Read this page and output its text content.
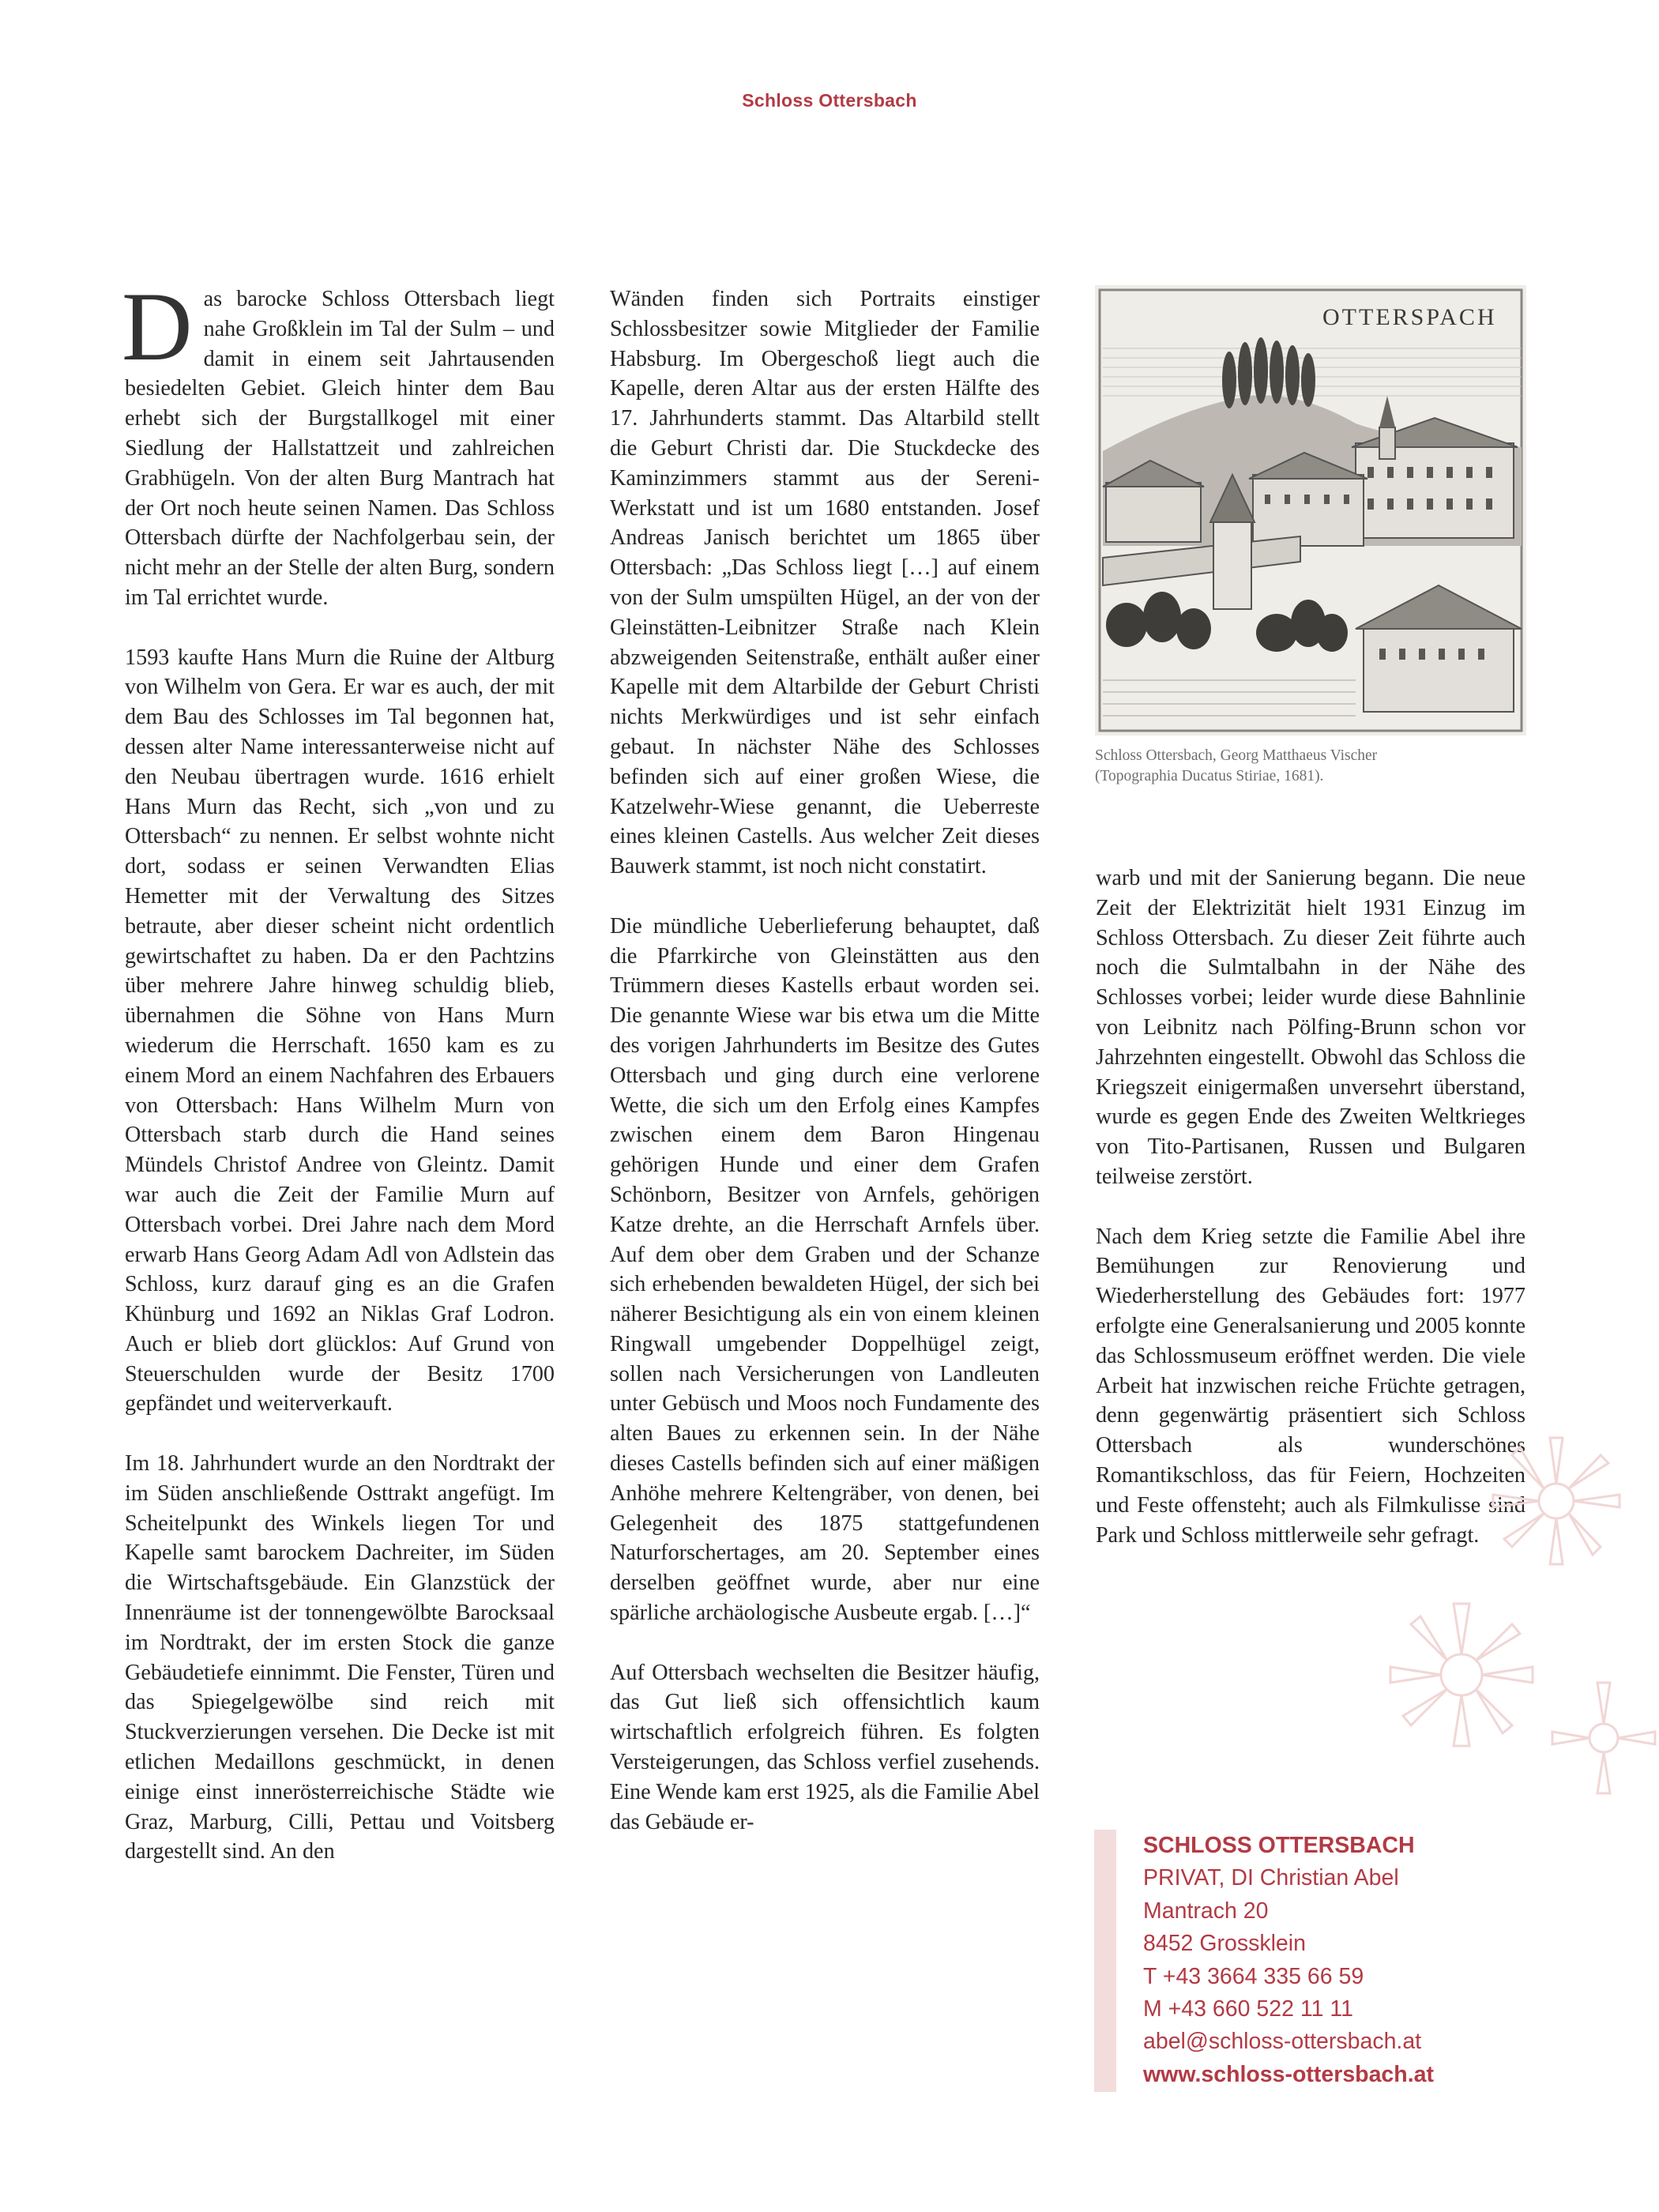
Schloss Ottersbach

Das barocke Schloss Ottersbach liegt nahe Großklein im Tal der Sulm – und damit in einem seit Jahrtausenden besiedelten Gebiet. Gleich hinter dem Bau erhebt sich der Burgstallkogel mit einer Siedlung der Hallstattzeit und zahlreichen Grabhügeln. Von der alten Burg Mantrach hat der Ort noch heute seinen Namen. Das Schloss Ottersbach dürfte der Nachfolgerbau sein, der nicht mehr an der Stelle der alten Burg, sondern im Tal errichtet wurde.

1593 kaufte Hans Murn die Ruine der Altburg von Wilhelm von Gera. Er war es auch, der mit dem Bau des Schlosses im Tal begonnen hat, dessen alter Name interessanterweise nicht auf den Neubau übertragen wurde. 1616 erhielt Hans Murn das Recht, sich „von und zu Ottersbach“ zu nennen. Er selbst wohnte nicht dort, sodass er seinen Verwandten Elias Hemetter mit der Verwaltung des Sitzes betraute, aber dieser scheint nicht ordentlich gewirtschaftet zu haben. Da er den Pachtzins über mehrere Jahre hinweg schuldig blieb, übernahmen die Söhne von Hans Murn wiederum die Herrschaft. 1650 kam es zu einem Mord an einem Nachfahren des Erbauers von Ottersbach: Hans Wilhelm Murn von Ottersbach starb durch die Hand seines Mündels Christof Andree von Gleintz. Damit war auch die Zeit der Familie Murn auf Ottersbach vorbei. Drei Jahre nach dem Mord erwarb Hans Georg Adam Adl von Adlstein das Schloss, kurz darauf ging es an die Grafen Khünburg und 1692 an Niklas Graf Lodron. Auch er blieb dort glücklos: Auf Grund von Steuerschulden wurde der Besitz 1700 gepfändet und weiterverkauft.

Im 18. Jahrhundert wurde an den Nordtrakt der im Süden anschließende Osttrakt angefügt. Im Scheitelpunkt des Winkels liegen Tor und Kapelle samt barockem Dachreiter, im Süden die Wirtschaftsgebäude. Ein Glanzstück der Innenräume ist der tonnengewölbte Barocksaal im Nordtrakt, der im ersten Stock die ganze Gebäudetiefe einnimmt. Die Fenster, Türen und das Spiegelgewölbe sind reich mit Stuckverzierungen versehen. Die Decke ist mit etlichen Medaillons geschmückt, in denen einige einst innerösterreichische Städte wie Graz, Marburg, Cilli, Pettau und Voitsberg dargestellt sind. An den

Wänden finden sich Portraits einstiger Schlossbesitzer sowie Mitglieder der Familie Habsburg. Im Obergeschoß liegt auch die Kapelle, deren Altar aus der ersten Hälfte des 17. Jahrhunderts stammt. Das Altarbild stellt die Geburt Christi dar. Die Stuckdecke des Kaminzimmers stammt aus der Sereni-Werkstatt und ist um 1680 entstanden. Josef Andreas Janisch berichtet um 1865 über Ottersbach: „Das Schloss liegt […] auf einem von der Sulm umspülten Hügel, an der von der Gleinstätten-Leibnitzer Straße nach Klein abzweigenden Seitenstraße, enthält außer einer Kapelle mit dem Altarbilde der Geburt Christi nichts Merkwürdiges und ist sehr einfach gebaut. In nächster Nähe des Schlosses befinden sich auf einer großen Wiese, die Katzelwehr-Wiese genannt, die Ueberreste eines kleinen Castells. Aus welcher Zeit dieses Bauwerk stammt, ist noch nicht constatirt.

Die mündliche Ueberlieferung behauptet, daß die Pfarrkirche von Gleinstätten aus den Trümmern dieses Kastells erbaut worden sei. Die genannte Wiese war bis etwa um die Mitte des vorigen Jahrhunderts im Besitze des Gutes Ottersbach und ging durch eine verlorene Wette, die sich um den Erfolg eines Kampfes zwischen einem dem Baron Hingenau gehörigen Hunde und einer dem Grafen Schönborn, Besitzer von Arnfels, gehörigen Katze drehte, an die Herrschaft Arnfels über. Auf dem ober dem Graben und der Schanze sich erhebenden bewaldeten Hügel, der sich bei näherer Besichtigung als ein von einem kleinen Ringwall umgebender Doppelhügel zeigt, sollen nach Versicherungen von Landleuten unter Gebüsch und Moos noch Fundamente des alten Baues zu erkennen sein. In der Nähe dieses Castells befinden sich auf einer mäßigen Anhöhe mehrere Keltengräber, von denen, bei Gelegenheit des 1875 stattgefundenen Naturforschertages, am 20. September eines derselben geöffnet wurde, aber nur eine spärliche archäologische Ausbeute ergab. […]“

Auf Ottersbach wechselten die Besitzer häufig, das Gut ließ sich offensichtlich kaum wirtschaftlich erfolgreich führen. Es folgten Versteigerungen, das Schloss verfiel zusehends. Eine Wende kam erst 1925, als die Familie Abel das Gebäude er-

OTTERSPACH
Schloss Ottersbach, Georg Matthaeus Vischer
(Topographia Ducatus Stiriae, 1681).

warb und mit der Sanierung begann. Die neue Zeit der Elektrizität hielt 1931 Einzug im Schloss Ottersbach. Zu dieser Zeit führte auch noch die Sulmtalbahn in der Nähe des Schlosses vorbei; leider wurde diese Bahnlinie von Leibnitz nach Pölfing-Brunn schon vor Jahrzehnten eingestellt. Obwohl das Schloss die Kriegszeit einigermaßen unversehrt überstand, wurde es gegen Ende des Zweiten Weltkrieges von Tito-Partisanen, Russen und Bulgaren teilweise zerstört.

Nach dem Krieg setzte die Familie Abel ihre Bemühungen zur Renovierung und Wiederherstellung des Gebäudes fort: 1977 erfolgte eine Generalsanierung und 2005 konnte das Schlossmuseum eröffnet werden. Die viele Arbeit hat inzwischen reiche Früchte getragen, denn gegenwärtig präsentiert sich Schloss Ottersbach als wunderschönes Romantikschloss, das für Feiern, Hochzeiten und Feste offensteht; auch als Filmkulisse sind Park und Schloss mittlerweile sehr gefragt.

SCHLOSS OTTERSBACH
PRIVAT, DI Christian Abel
Mantrach 20
8452 Grossklein
T +43 3664 335 66 59
M +43 660 522 11 11
abel@schloss-ottersbach.at
www.schloss-ottersbach.at
